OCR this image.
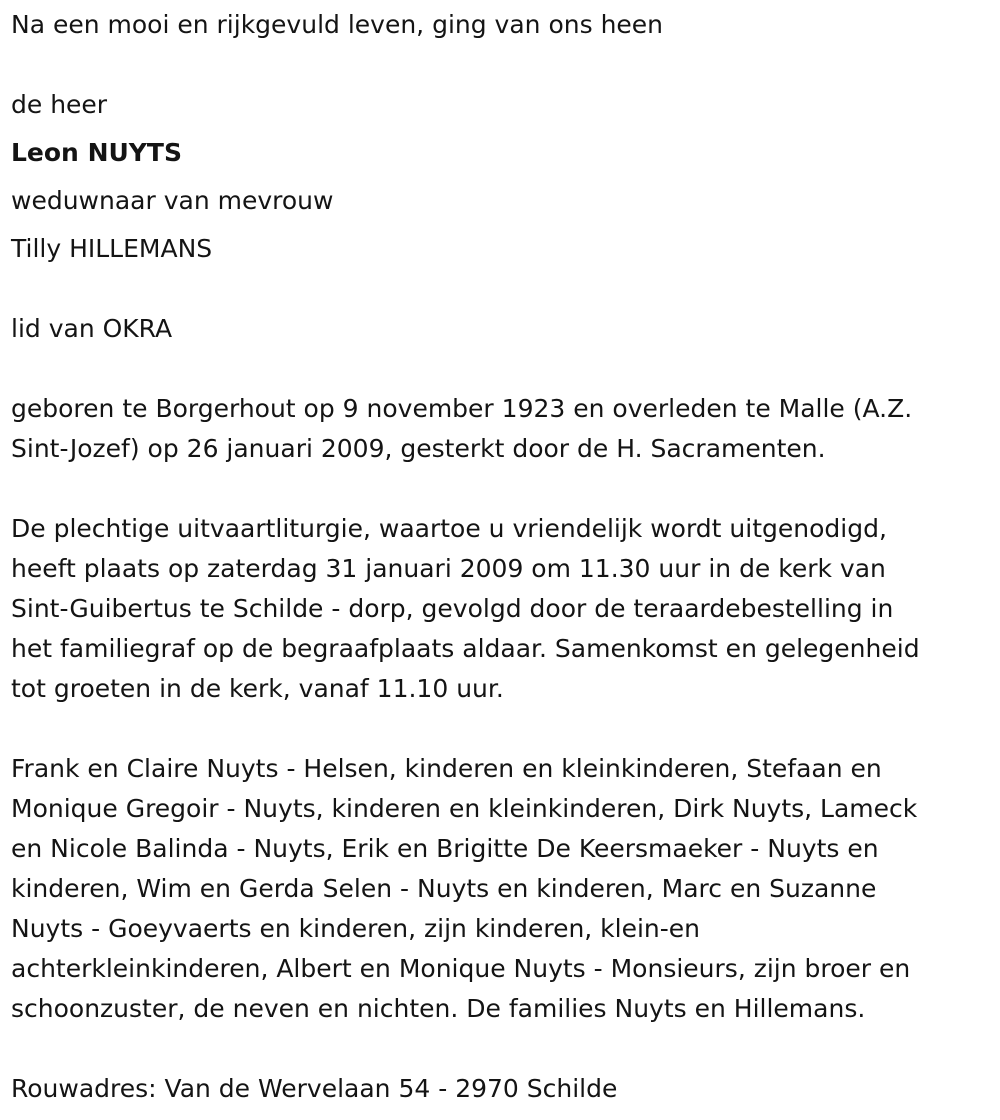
Na een mooi en rijkgevuld leven, ging van ons heen
de heer
Leon NUYTS
weduwnaar van mevrouw
Tilly HILLEMANS
lid van OKRA
geboren te Borgerhout op 9 november 1923 en overleden te Malle (A.Z.
Sint-Jozef) op 26 januari 2009, gesterkt door de H. Sacramenten.
De plechtige uitvaartliturgie, waartoe u vriendelijk wordt uitgenodigd,
heeft plaats op zaterdag 31 januari 2009 om 11.30 uur in de kerk van
Sint-Guibertus te Schilde - dorp, gevolgd door de teraardebestelling in
het familiegraf op de begraafplaats aldaar. Samenkomst en gelegenheid
tot groeten in de kerk, vanaf 11.10 uur.
Frank en Claire Nuyts - Helsen, kinderen en kleinkinderen, Stefaan en
Monique Gregoir - Nuyts, kinderen en kleinkinderen, Dirk Nuyts, Lameck
en Nicole Balinda - Nuyts, Erik en Brigitte De Keersmaeker - Nuyts en
kinderen, Wim en Gerda Selen - Nuyts en kinderen, Marc en Suzanne
Nuyts - Goeyvaerts en kinderen, zijn kinderen, klein-en
achterkleinkinderen, Albert en Monique Nuyts - Monsieurs, zijn broer en
schoonzuster, de neven en nichten. De families Nuyts en Hillemans.
Rouwadres: Van de Wervelaan 54 - 2970 Schilde
